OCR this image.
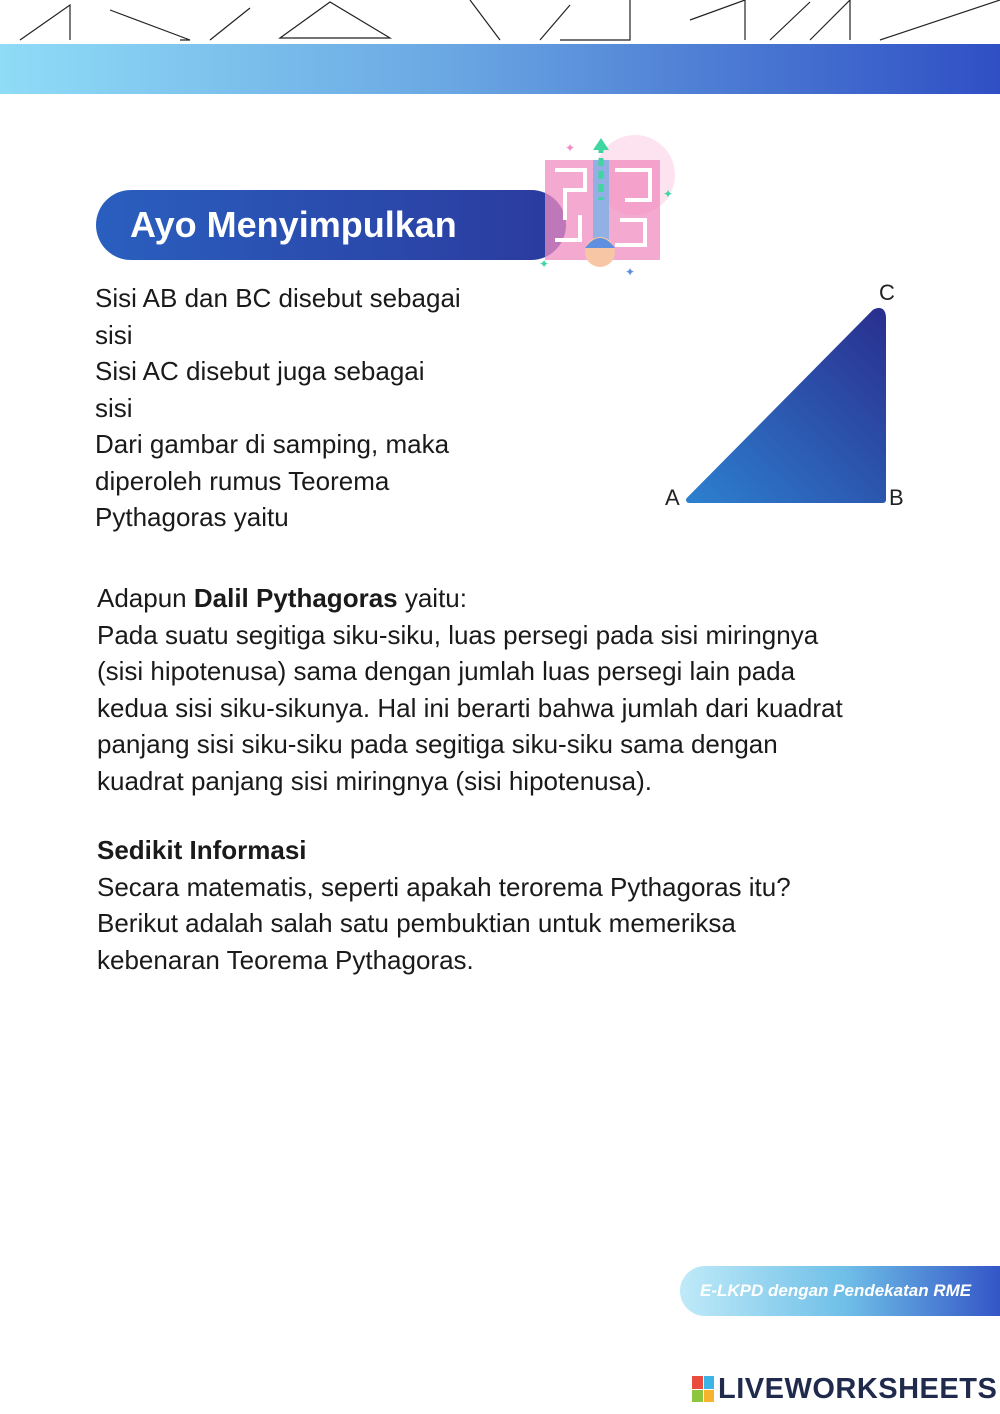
Ayo Menyimpulkan
✦
✦
✦
✦
Sisi AB dan BC disebut sebagai
sisi
Sisi AC disebut juga sebagai
sisi
Dari gambar di samping, maka
diperoleh rumus Teorema
Pythagoras yaitu
A	B
C
Adapun Dalil Pythagoras yaitu:
Pada suatu segitiga siku-siku, luas persegi pada sisi miringnya
(sisi hipotenusa) sama dengan jumlah luas persegi lain pada
kedua sisi siku-sikunya. Hal ini berarti bahwa jumlah dari kuadrat
panjang sisi siku-siku pada segitiga siku-siku sama dengan
kuadrat panjang sisi miringnya (sisi hipotenusa).
Sedikit Informasi
Secara matematis, seperti apakah terorema Pythagoras itu?
Berikut adalah salah satu pembuktian untuk memeriksa
kebenaran Teorema Pythagoras.
E-LKPD dengan Pendekatan RME
LIVEWORKSHEETS
